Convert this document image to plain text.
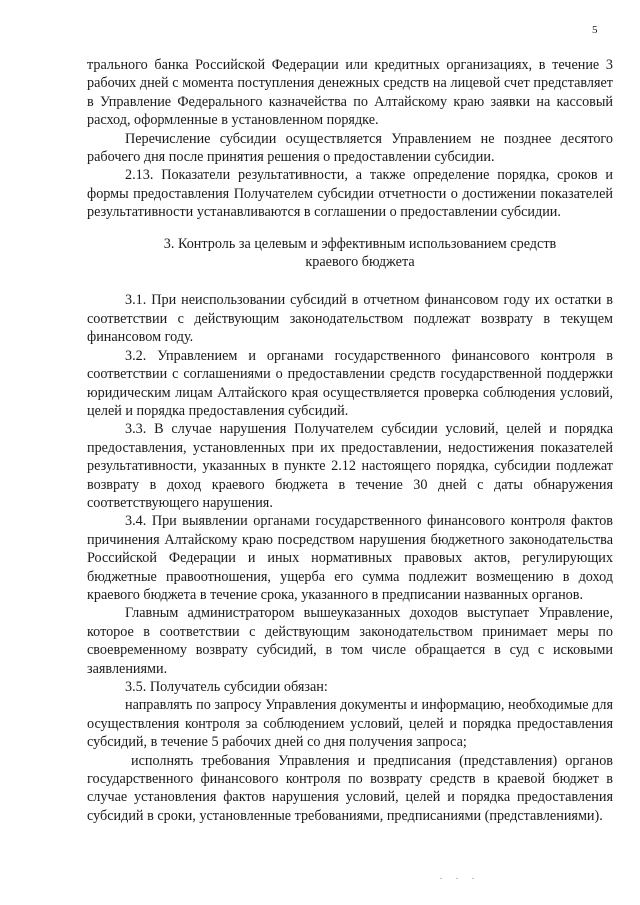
5

трального банка Российской Федерации или кредитных организациях, в течение 3 рабочих дней с момента поступления денежных средств на лицевой счет представляет в Управление Федерального казначейства по Алтайскому краю заявки на кассовый расход, оформленные в установленном порядке.

Перечисление субсидии осуществляется Управлением не позднее десятого рабочего дня после принятия решения о предоставлении субсидии.

2.13. Показатели результативности, а также определение порядка, сроков и формы предоставления Получателем субсидии отчетности о достижении показателей результативности устанавливаются в соглашении о предоставлении субсидии.

3. Контроль за целевым и эффективным использованием средств
краевого бюджета

3.1. При неиспользовании субсидий в отчетном финансовом году их остатки в соответствии с действующим законодательством подлежат возврату в текущем финансовом году.

3.2. Управлением и органами государственного финансового контроля в соответствии с соглашениями о предоставлении средств государственной поддержки юридическим лицам Алтайского края осуществляется проверка соблюдения условий, целей и порядка предоставления субсидий.

3.3. В случае нарушения Получателем субсидии условий, целей и порядка предоставления, установленных при их предоставлении, недостижения показателей результативности, указанных в пункте 2.12 настоящего порядка, субсидии подлежат возврату в доход краевого бюджета в течение 30 дней с даты обнаружения соответствующего нарушения.

3.4. При выявлении органами государственного финансового контроля фактов причинения Алтайскому краю посредством нарушения бюджетного законодательства Российской Федерации и иных нормативных правовых актов, регулирующих бюджетные правоотношения, ущерба его сумма подлежит возмещению в доход краевого бюджета в течение срока, указанного в предписании названных органов.

Главным администратором вышеуказанных доходов выступает Управление, которое в соответствии с действующим законодательством принимает меры по своевременному возврату субсидий, в том числе обращается в суд с исковыми заявлениями.

3.5. Получатель субсидии обязан:

направлять по запросу Управления документы и информацию, необходимые для осуществления контроля за соблюдением условий, целей и порядка предоставления субсидий, в течение 5 рабочих дней со дня получения запроса;

исполнять требования Управления и предписания (представления) органов государственного финансового контроля по возврату средств в краевой бюджет в случае установления фактов нарушения условий, целей и порядка предоставления субсидий в сроки, установленные требованиями, предписаниями (представлениями).

. . .
